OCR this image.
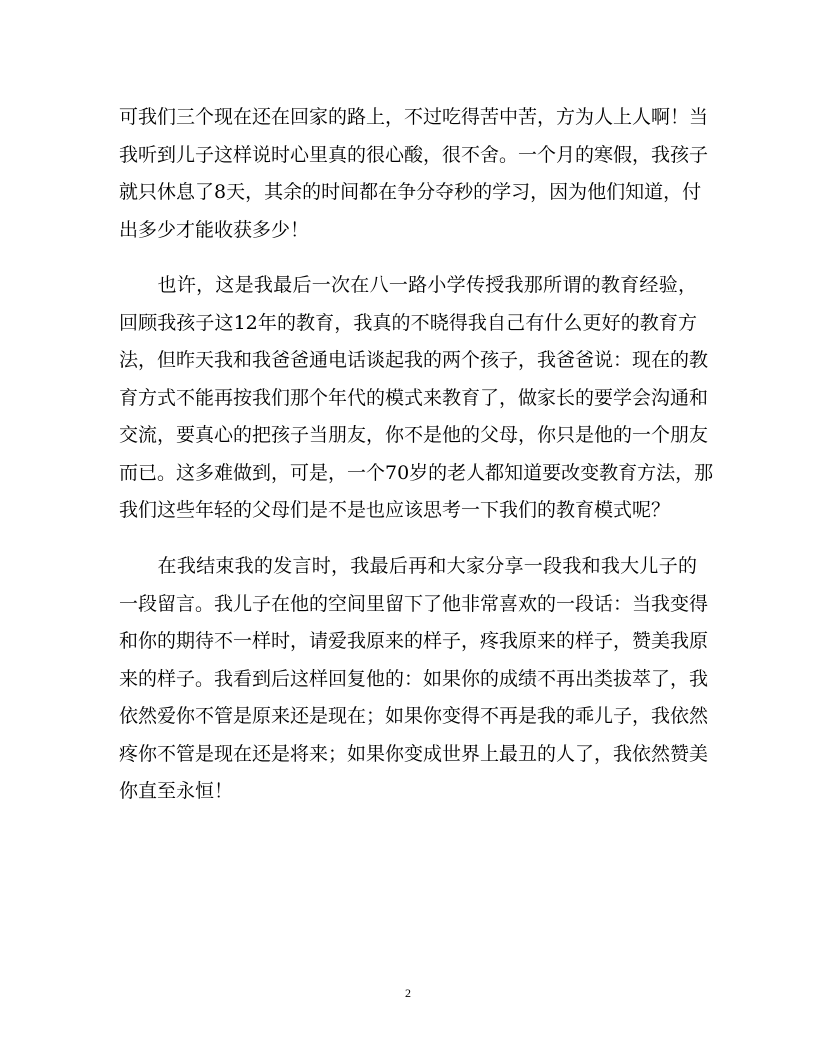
可我们三个现在还在回家的路上，不过吃得苦中苦，方为人上人啊！当
我听到儿子这样说时心里真的很心酸，很不舍。一个月的寒假，我孩子
就只休息了8天，其余的时间都在争分夺秒的学习，因为他们知道，付
出多少才能收获多少！
　　也许，这是我最后一次在八一路小学传授我那所谓的教育经验，
回顾我孩子这12年的教育，我真的不晓得我自己有什么更好的教育方
法，但昨天我和我爸爸通电话谈起我的两个孩子，我爸爸说：现在的教
育方式不能再按我们那个年代的模式来教育了，做家长的要学会沟通和
交流，要真心的把孩子当朋友，你不是他的父母，你只是他的一个朋友
而已。这多难做到，可是，一个70岁的老人都知道要改变教育方法，那
我们这些年轻的父母们是不是也应该思考一下我们的教育模式呢？
　　在我结束我的发言时，我最后再和大家分享一段我和我大儿子的
一段留言。我儿子在他的空间里留下了他非常喜欢的一段话：当我变得
和你的期待不一样时，请爱我原来的样子，疼我原来的样子，赞美我原
来的样子。我看到后这样回复他的：如果你的成绩不再出类拔萃了，我
依然爱你不管是原来还是现在；如果你变得不再是我的乖儿子，我依然
疼你不管是现在还是将来；如果你变成世界上最丑的人了，我依然赞美
你直至永恒！
2
